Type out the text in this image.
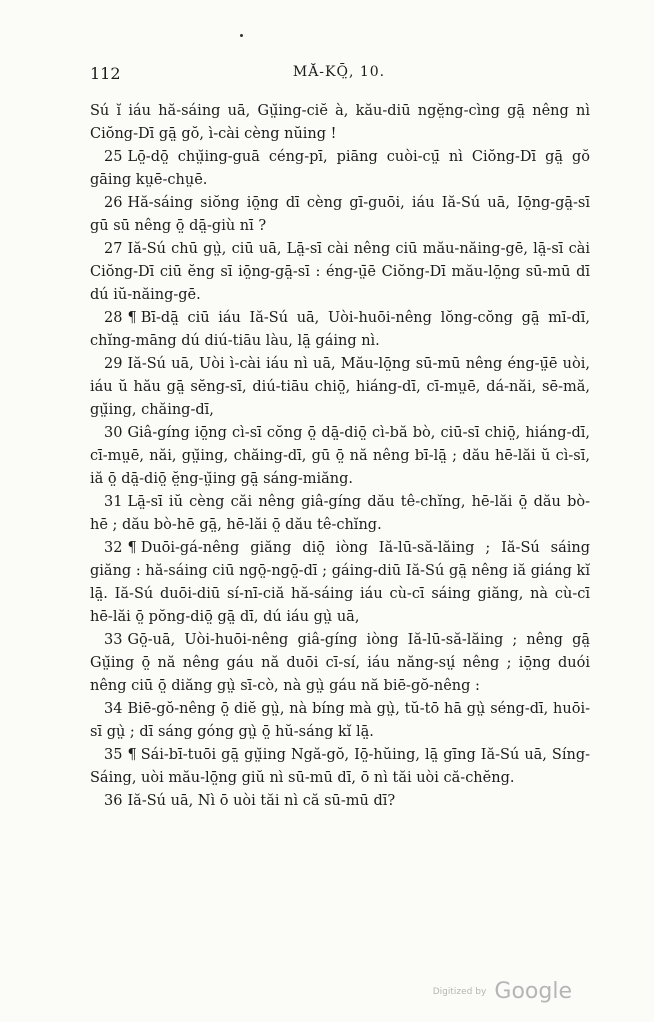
112	MĂ-KŌ̤, 10.

Sú ĭ iáu hă-sáing uā, Gṳ̆ing-ciĕ à, kău-diū ngĕ̤ng-cìng gā̤ nêng nì Ciŏng-Dī gā̤ gŏ, ì-cài cèng nŭing !

25 Lō̤-dō̤ chṳ̆ing-guā céng-pī, piāng cuòi-cṳ̄ nì Ciŏng-Dī gā̤ gŏ gāing kṳē-chṳē.

26 Hă-sáing siŏng iō̤ng dī cèng gī-guōi, iáu Iă-Sú uā, Iō̤ng-gā̤-sī gū sū nêng ō̤ dā̤-giù nī ?

27 Iă-Sú chū gṳ̀, ciū uā, Lā̤-sī cài nêng ciū mău-năing-gē, lā̤-sī cài Ciŏng-Dī ciū ĕng sī iō̤ng-gā̤-sī : éng-ṳ̄ē Ciŏng-Dī mău-lō̤ng sū-mū dī dú iŭ-năing-gē.

28 ¶ Bī-dā̤ ciū iáu Iă-Sú uā, Uòi-huōi-nêng lŏng-cŏng gā̤ mī-dī, chĭng-māng dú diú-tiāu làu, lā̤ gáing nì.

29 Iă-Sú uā, Uòi ì-cài iáu nì uā, Mău-lō̤ng sū-mū nêng éng-ṳ̄ē uòi, iáu ŭ hău gā̤ sĕng-sī, diú-tiāu chiō̤, hiáng-dī, cī-mṳē, dá-năi, sē-mă, gṳ̆ing, chăing-dī,

30 Giâ-gíng iō̤ng cì-sī cŏng ō̤ dā̤-diō̤ cì-bă bò, ciū-sī chiō̤, hiáng-dī, cī-mṳē, năi, gṳ̆ing, chăing-dī, gū ō̤ nă nêng bī-lā̤ ; dău hē-lăi ŭ cì-sī, iă ō̤ dā̤-diō̤ ĕ̤ng-ṳ̆ing gā̤ sáng-miăng.

31 Lā̤-sī iŭ cèng căi nêng giâ-gíng dău tê-chĭng, hē-lăi ō̤ dău bò-hē ; dău bò-hē gā̤, hē-lăi ō̤ dău tê-chĭng.

32 ¶ Duōi-gá-nêng giăng diō̤ iòng Iă-lū-să-lăing ; Iă-Sú sáing giăng : hă-sáing ciū ngō̤-ngō̤-dī ; gáing-diū Iă-Sú gā̤ nêng iă giáng kĭ lā̤. Iă-Sú duōi-diū sí-nī-ciă hă-sáing iáu cù-cī sáing giăng, nà cù-cī hē-lăi ō̤ pŏng-diō̤ gā̤ dī, dú iáu gṳ̀ uā,

33 Gō̤-uā, Uòi-huōi-nêng giâ-gíng iòng Iă-lū-să-lăing ; nêng gā̤ Gṳ̆ing ō̤ nă nêng gáu nă duōi cī-sí, iáu năng-sṳ́ nêng ; iō̤ng duói nêng ciū ō̤ diăng gṳ̀ sī-cò, nà gṳ̀ gáu nă biē-gŏ-nêng :

34 Biē-gŏ-nêng ō̤ diĕ gṳ̀, nà bíng mà gṳ̀, tŭ-tō hā gṳ̀ séng-dī, huōi-sī gṳ̀ ; dī sáng góng gṳ̀ ō̤ hŭ-sáng kĭ lā̤.

35 ¶ Sái-bī-tuōi gā̤ gṳ̆ing Ngă-gŏ, Iō̤-hŭing, lā̤ gīng Iă-Sú uā, Síng-Sáing, uòi mău-lō̤ng giŭ nì sū-mū dī, ō nì tăi uòi că-chĕng.

36 Iă-Sú uā, Nì ō uòi tăi nì că sū-mū dī?

Digitized by Google
